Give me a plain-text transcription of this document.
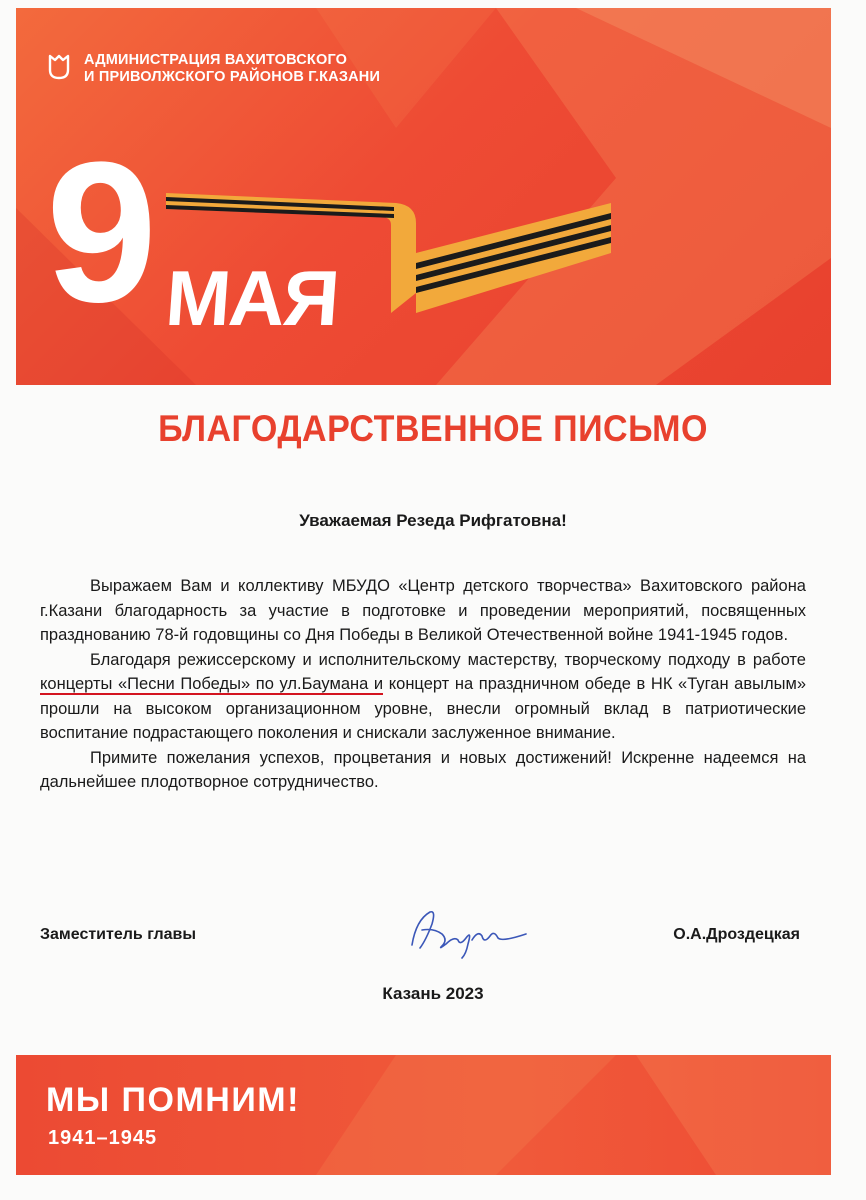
АДМИНИСТРАЦИЯ ВАХИТОВСКОГО
И ПРИВОЛЖСКОГО РАЙОНОВ Г.КАЗАНИ
9 МАЯ
БЛАГОДАРСТВЕННОЕ ПИСЬМО
Уважаемая Резеда Рифгатовна!

Выражаем Вам и коллективу МБУДО «Центр детского творчества» Вахитовского района г.Казани благодарность за участие в подготовке и проведении мероприятий, посвященных празднованию 78-й годовщины со Дня Победы в Великой Отечественной войне 1941-1945 годов.

Благодаря режиссерскому и исполнительскому мастерству, творческому подходу в работе концерты «Песни Победы» по ул.Баумана и концерт на праздничном обеде в НК «Туган авылым» прошли на высоком организационном уровне, внесли огромный вклад в патриотические воспитание подрастающего поколения и снискали заслуженное внимание.

Примите пожелания успехов, процветания и новых достижений! Искренне надеемся на дальнейшее плодотворное сотрудничество.

Заместитель главы	О.А.Дроздецкая
Казань 2023
МЫ ПОМНИМ!
1941–1945
